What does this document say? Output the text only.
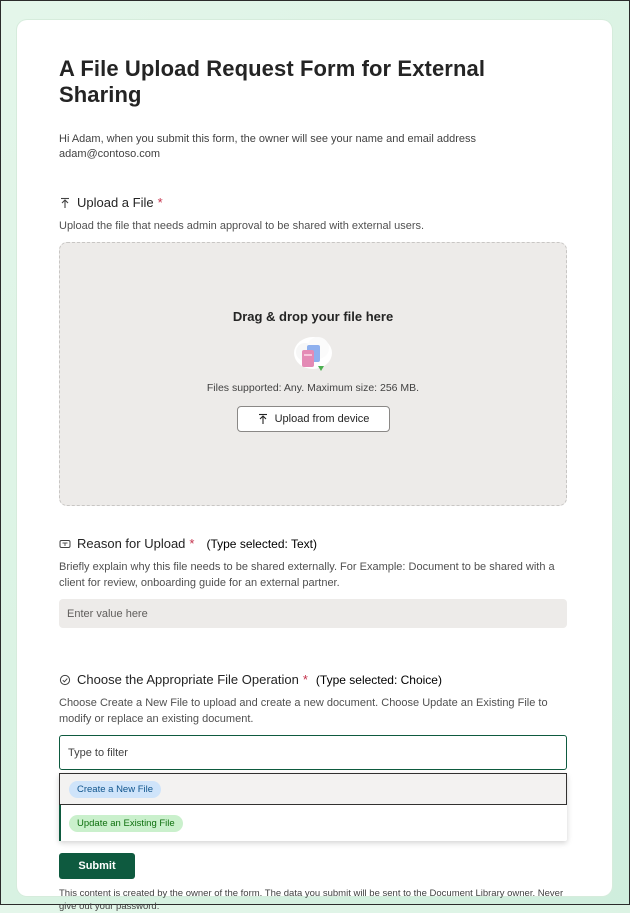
A File Upload Request Form for External Sharing
Hi Adam, when you submit this form, the owner will see your name and email address
adam@contoso.com
Upload a File *
Upload the file that needs admin approval to be shared with external users.
Drag & drop your file here
Files supported: Any. Maximum size: 256 MB.
Upload from device
Reason for Upload * (Type selected: Text)
Briefly explain why this file needs to be shared externally. For Example: Document to be shared with a client for review, onboarding guide for an external partner.
Enter value here
Choose the Appropriate File Operation * (Type selected: Choice)
Choose Create a New File to upload and create a new document. Choose Update an Existing File to modify or replace an existing document.
Type to filter
Create a New File
Update an Existing File
Submit
This content is created by the owner of the form. The data you submit will be sent to the Document Library owner. Never give out your password.
